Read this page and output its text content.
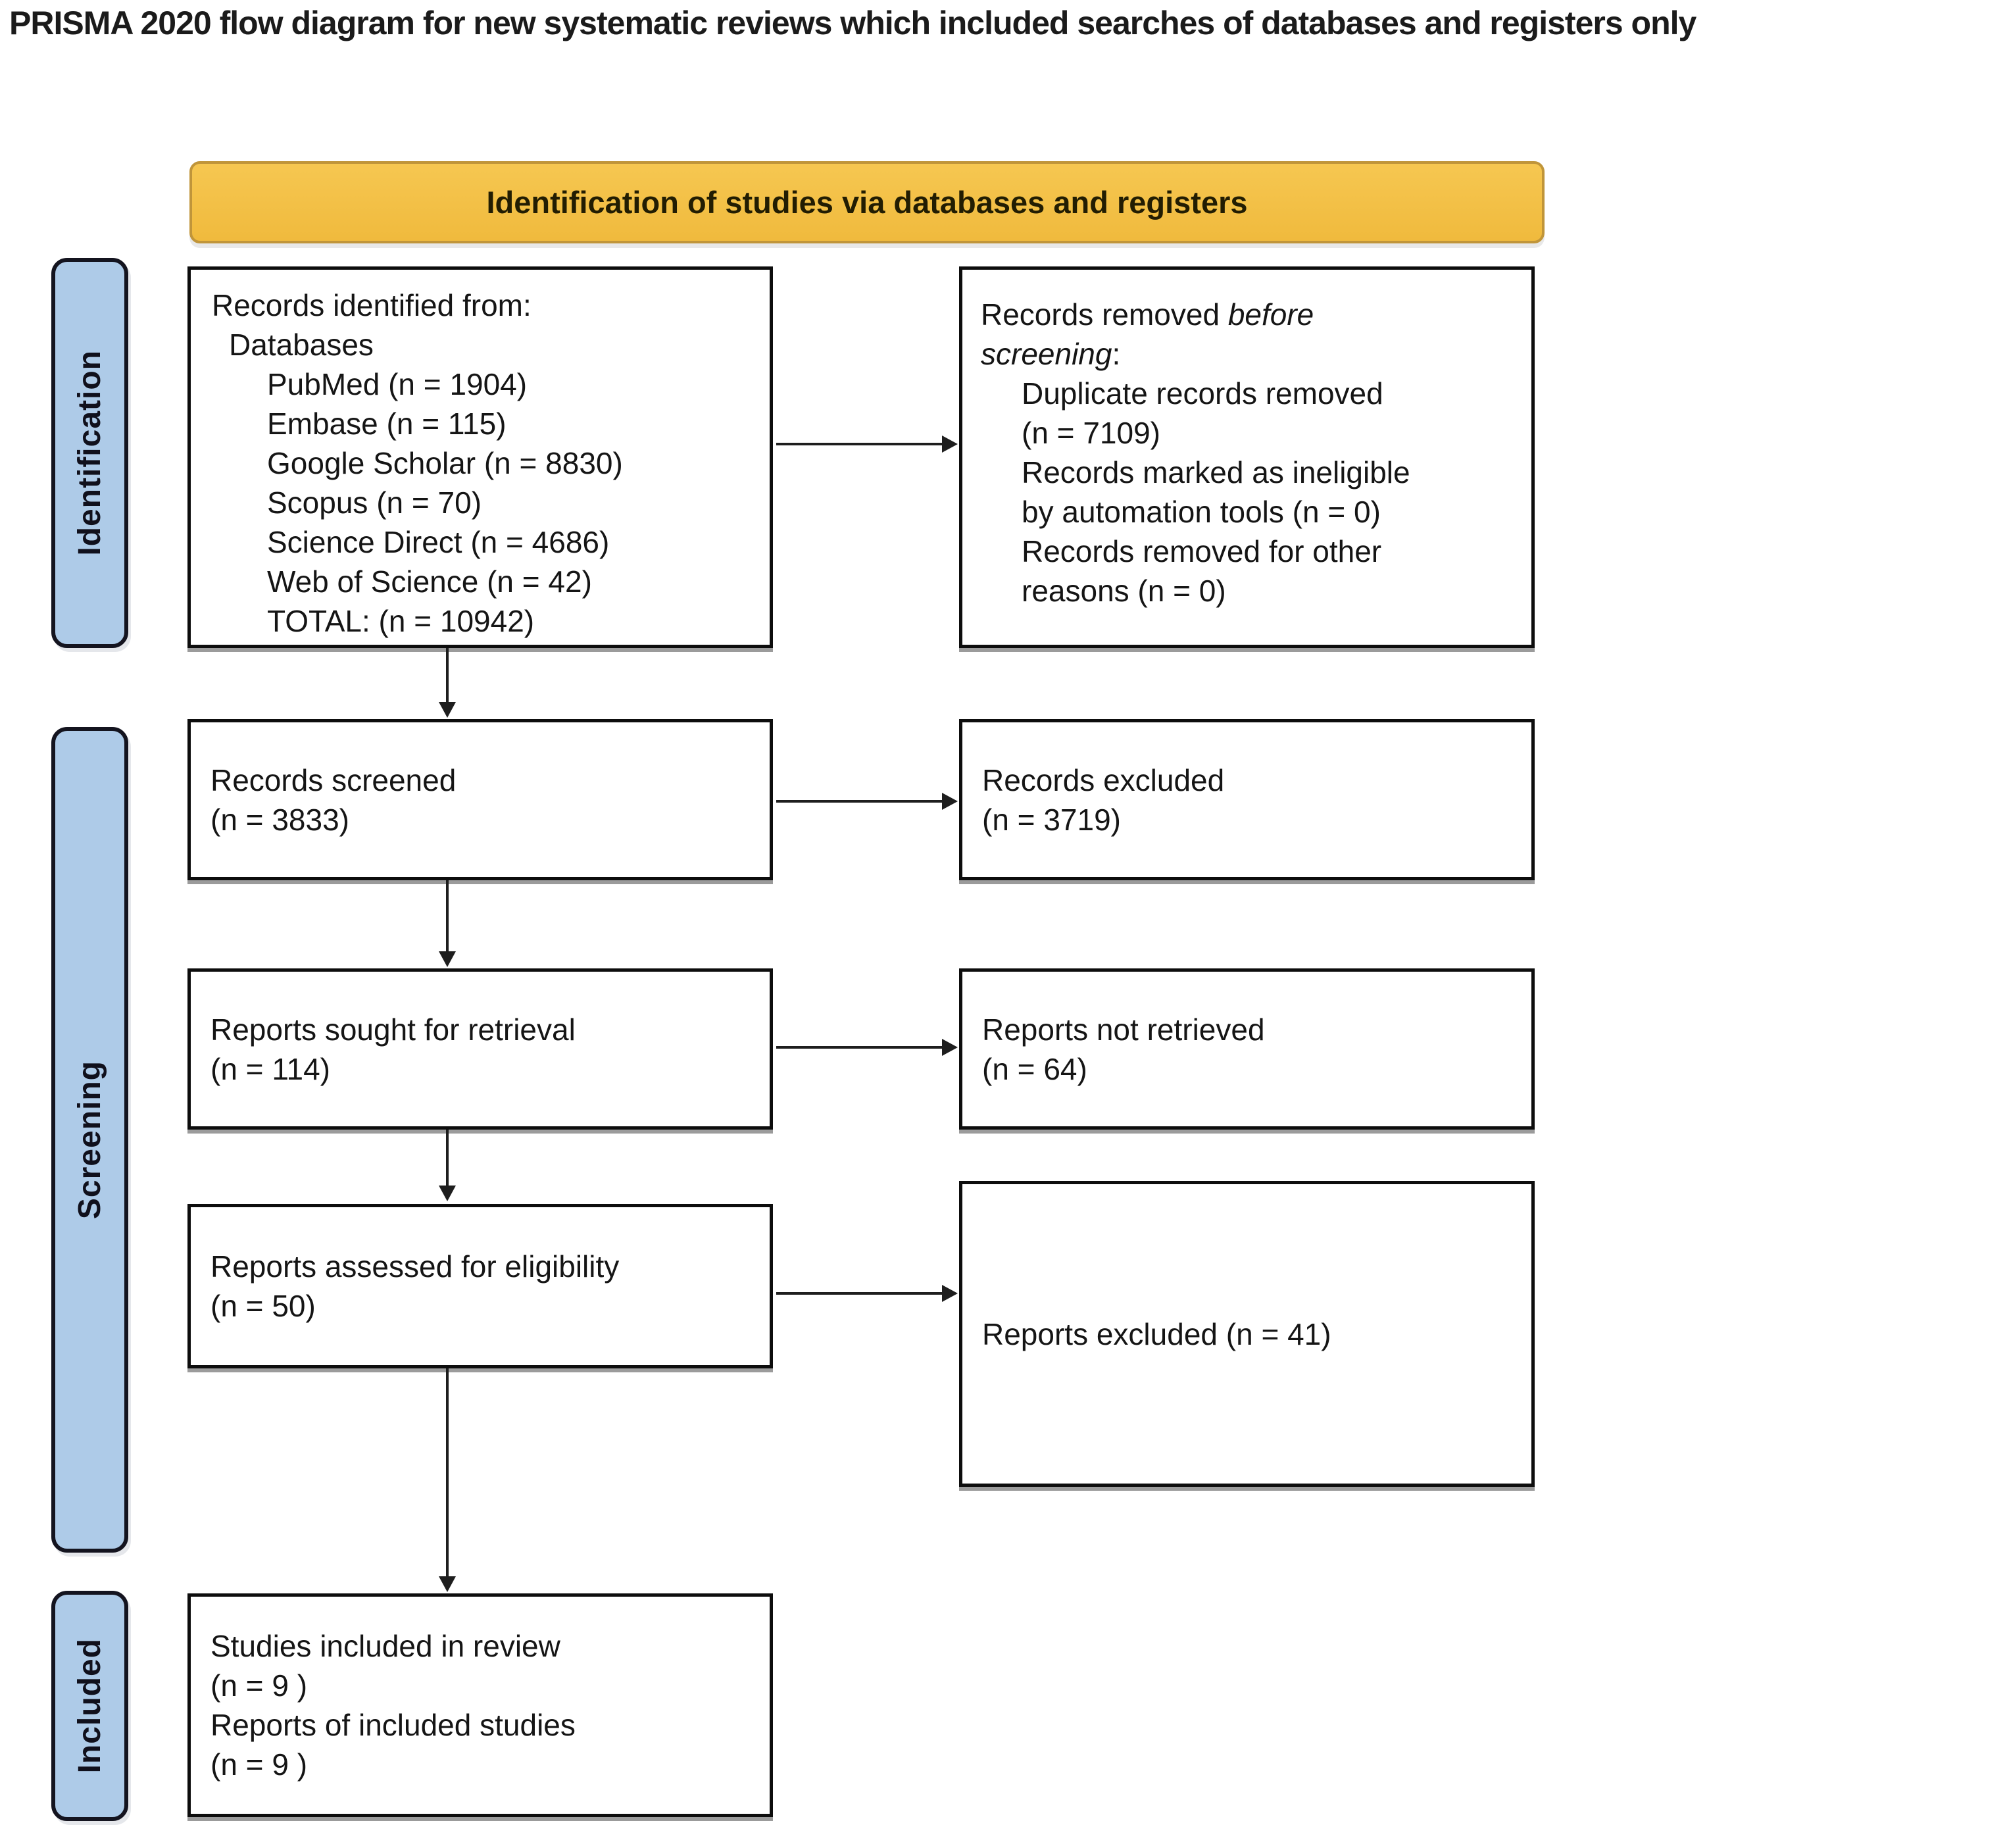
PRISMA 2020 flow diagram for new systematic reviews which included searches of databases and registers only
Identification of studies via databases and registers
Identification
Screening
Included
Records identified from:
Databases
PubMed (n = 1904)
Embase (n = 115)
Google Scholar (n = 8830)
Scopus (n = 70)
Science Direct (n = 4686)
Web of Science (n = 42)
TOTAL: (n = 10942)
Records removed before
screening:
Duplicate records removed
(n = 7109)
Records marked as ineligible
by automation tools (n = 0)
Records removed for other
reasons (n = 0)
Records screened
(n = 3833)
Records excluded
(n = 3719)
Reports sought for retrieval
(n = 114)
Reports not retrieved
(n = 64)
Reports assessed for eligibility
(n = 50)
Reports excluded (n = 41)
Studies included in review
(n = 9 )
Reports of included studies
(n = 9 )
